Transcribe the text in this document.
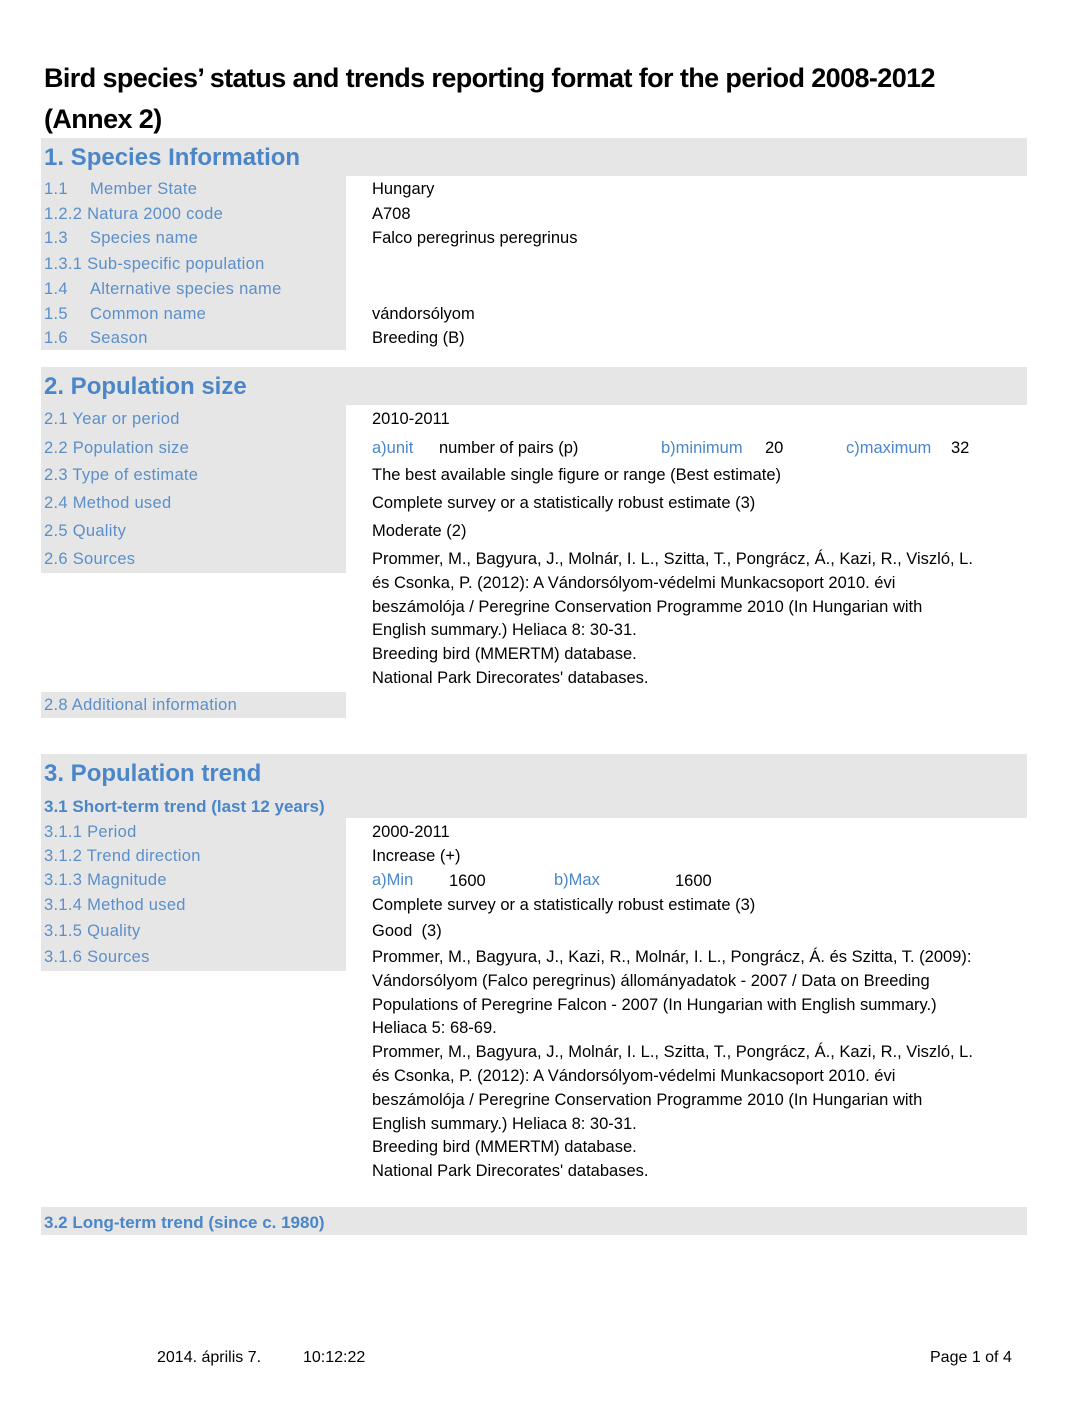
Bird species’ status and trends reporting format for the period 2008-2012
(Annex 2)
1. Species Information
1.1 Member State	Hungary
1.2.2 Natura 2000 code	A708
1.3 Species name	Falco peregrinus peregrinus
1.3.1 Sub-specific population
1.4 Alternative species name
1.5 Common name	vándorsólyom
1.6 Season	Breeding (B)
2. Population size
2.1 Year or period	2010-2011
2.2 Population size	a)unit number of pairs (p)	b)minimum 20	c)maximum 32
2.3 Type of estimate	The best available single figure or range (Best estimate)
2.4 Method used	Complete survey or a statistically robust estimate (3)
2.5 Quality	Moderate (2)
2.6 Sources	Prommer, M., Bagyura, J., Molnár, I. L., Szitta, T., Pongrácz, Á., Kazi, R., Viszló, L.
és Csonka, P. (2012): A Vándorsólyom-védelmi Munkacsoport 2010. évi
beszámolója / Peregrine Conservation Programme 2010 (In Hungarian with
English summary.) Heliaca 8: 30-31.
Breeding bird (MMERTM) database.
National Park Direcorates' databases.
2.8 Additional information
3. Population trend
3.1 Short-term trend (last 12 years)
3.1.1 Period	2000-2011
3.1.2 Trend direction	Increase (+)
3.1.3 Magnitude	a)Min 1600	b)Max	1600
3.1.4 Method used	Complete survey or a statistically robust estimate (3)
3.1.5 Quality	Good  (3)
3.1.6 Sources	Prommer, M., Bagyura, J., Kazi, R., Molnár, I. L., Pongrácz, Á. és Szitta, T. (2009):
Vándorsólyom (Falco peregrinus) állományadatok - 2007 / Data on Breeding
Populations of Peregrine Falcon - 2007 (In Hungarian with English summary.)
Heliaca 5: 68-69.
Prommer, M., Bagyura, J., Molnár, I. L., Szitta, T., Pongrácz, Á., Kazi, R., Viszló, L.
és Csonka, P. (2012): A Vándorsólyom-védelmi Munkacsoport 2010. évi
beszámolója / Peregrine Conservation Programme 2010 (In Hungarian with
English summary.) Heliaca 8: 30-31.
Breeding bird (MMERTM) database.
National Park Direcorates' databases.
3.2 Long-term trend (since c. 1980)
2014. április 7.	10:12:22	Page 1 of 4
